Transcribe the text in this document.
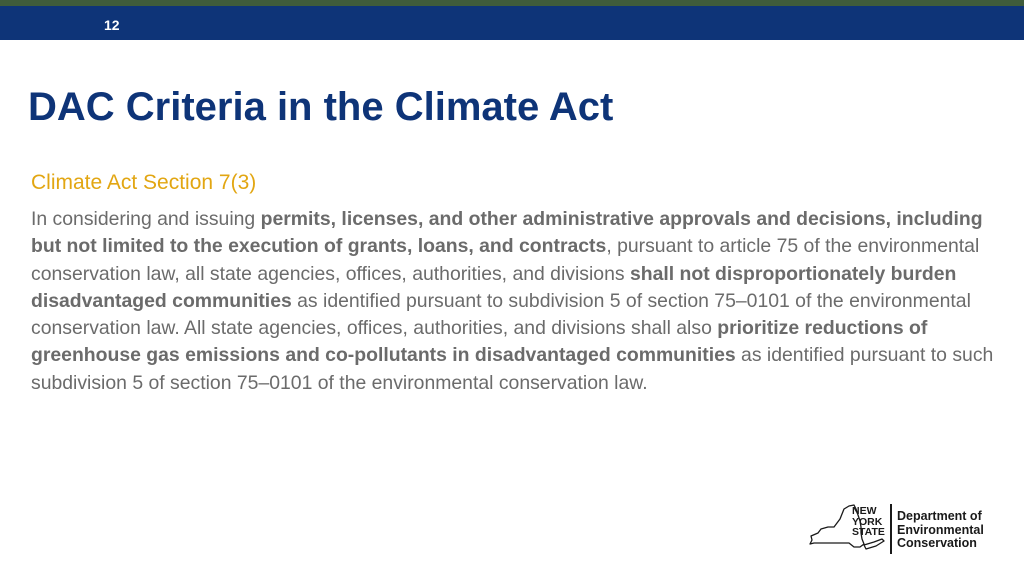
12
DAC Criteria in the Climate Act
Climate Act Section 7(3)

In considering and issuing permits, licenses, and other administrative approvals and decisions, including but not limited to the execution of grants, loans, and contracts, pursuant to article 75 of the environmental conservation law, all state agencies, offices, authorities, and divisions shall not disproportionately burden disadvantaged communities as identified pursuant to subdivision 5 of section 75–0101 of the environmental conservation law. All state agencies, offices, authorities, and divisions shall also prioritize reductions of greenhouse gas emissions and co-pollutants in disadvantaged communities as identified pursuant to such subdivision 5 of section 75–0101 of the environmental conservation law.

NEW
YORK
STATE
Department of
Environmental
Conservation
